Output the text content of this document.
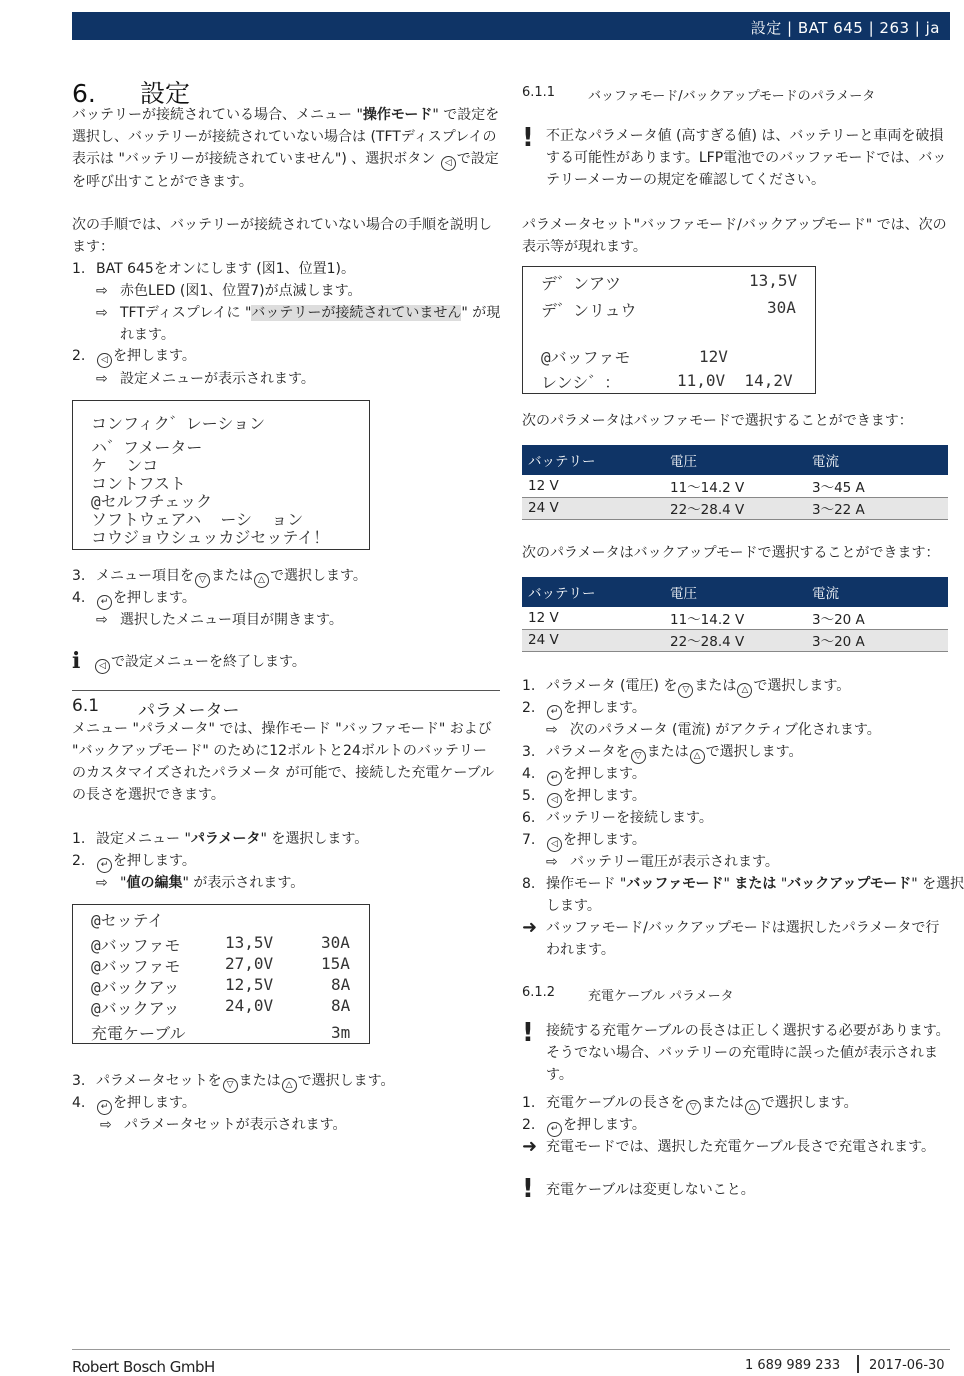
設定 | BAT 645 | 263 | ja
6. 設定
バッテリーが接続されている場合、メニュー "操作モード" で設定を選択し、バッテリーが接続されていない場合は (TFTディスプレイの表示は "バッテリーが接続されていません") 、選択ボタン ◁ で設定を呼び出すことができます。
次の手順では、バッテリーが接続されていない場合の手順を説明します：
1. BAT 645をオンにします (図1、位置1)。
⇨ 赤色LED (図1、位置7)が点滅します。
⇨ TFTディスプレイに "バッテリーが接続されていません" が現
れます。
2.	◁ を押します。
⇨ 設定メニューが表示されます。
コンフィク゛レーション
ハ゛フメーター
ケ  ンコ
コントフスト
@セルフチェック
ソフトウェアハ  ーシ  ョン
コウジョウシュッカジセッテイ！
3. メニュー項目を ▽ または △ で選択します。
4.	↵ を押します。
⇨ 選択したメニュー項目が開きます。
i	◁ で設定メニューを終了します。
6.1 パラメーター
メニュー "パラメータ" では、操作モード "バッファモード" および "バックアップモード" のために12ボルトと24ボルトのバッテリーのカスタマイズされたパラメータ が可能で、接続した充電ケーブルの長さを選択できます。
1. 設定メニュー "パラメータ" を選択します。
2.	↵ を押します。
⇨ "値の編集" が表示されます。
@セッテイ
@バッファモ	13,5V	30A
@バッファモ	27,0V	15A
@バックアッ	12,5V	8A
@バックアッ	24,0V	8A
充電ケーブル	3m
3. パラメータセットを ▽ または △ で選択します。
4.	↵ を押します。
⇨ パラメータセットが表示されます。
6.1.1	バッファモード/バックアップモードのパラメータ
! 不正なパラメータ値 (高すぎる値) は、バッテリーと車両を破損する可能性があります。LFP電池でのバッファモードでは、バッテリーメーカーの規定を確認してください。
パラメータセット"バッファモード/バックアップモード" では、次の表示等が現れます。
デ゛ンアツ	13,5V
デ゛ンリュウ	30A
@バッファモ	12V
レンシ゛：	11,0V  14,2V
次のパラメータはバッファモードで選択することができます：
バッテリー	電圧	電流
12 V	11～14.2 V	3～45 A
24 V	22～28.4 V	3～22 A
次のパラメータはバックアップモードで選択することができます：
バッテリー	電圧	電流
12 V	11～14.2 V	3～20 A
24 V	22～28.4 V	3～20 A
1. パラメータ (電圧) を ▽ または △ で選択します。
2.	↵ を押します。
⇨ 次のパラメータ (電流) がアクティブ化されます。
3. パラメータを ▽ または △ で選択します。
4.	↵ を押します。
5.	◁ を押します。
6. バッテリーを接続します。
7.	◁ を押します。
⇨ バッテリー電圧が表示されます。
8. 操作モード "バッファモード" または "バックアップモード" を選択
します。
➜ バッファモード/バックアップモードは選択したパラメータで行われます。
6.1.2	充電ケーブル パラメータ
! 接続する充電ケーブルの長さは正しく選択する必要があります。そうでない場合、バッテリーの充電時に誤った値が表示されます。
1. 充電ケーブルの長さを ▽ または △ で選択します。
2.	↵ を押します。
➜ 充電モードでは、選択した充電ケーブル長さで充電されます。
! 充電ケーブルは変更しないこと。
Robert Bosch GmbH	1 689 989 233 2017-06-30
